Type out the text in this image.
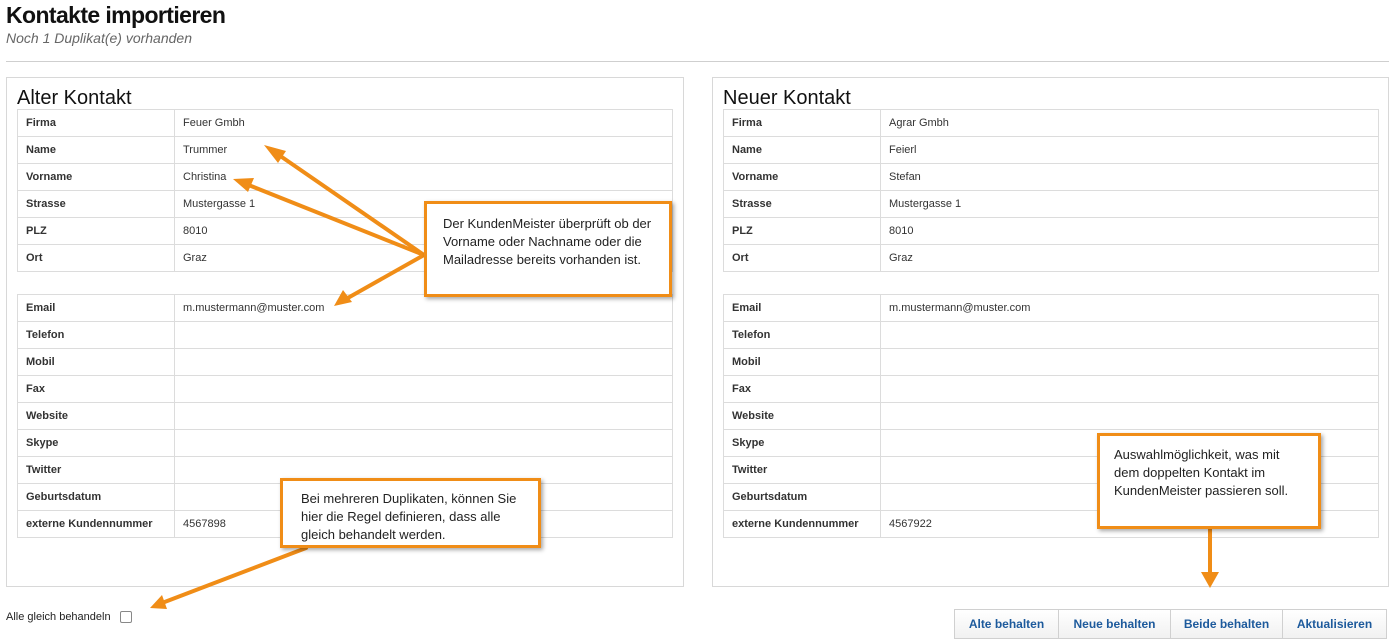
Kontakte importieren

Noch 1 Duplikat(e) vorhanden

Alter Kontakt
Firma	Feuer Gmbh
Name	Trummer
Vorname	Christina
Strasse	Mustergasse 1
PLZ	8010
Ort	Graz
Email	m.mustermann@muster.com
Telefon	
Mobil	
Fax	
Website	
Skype	
Twitter	
Geburtsdatum	
externe Kundennummer	4567898
Neuer Kontakt
Firma	Agrar Gmbh
Name	Feierl
Vorname	Stefan
Strasse	Mustergasse 1
PLZ	8010
Ort	Graz
Email	m.mustermann@muster.com
Telefon	
Mobil	
Fax	
Website	
Skype	
Twitter	
Geburtsdatum	
externe Kundennummer	4567922
Der KundenMeister überprüft ob der Vorname oder Nachname oder die Mailadresse bereits vorhanden ist.
Bei mehreren Duplikaten, können Sie hier die Regel definieren, dass alle gleich behandelt werden.
Auswahlmöglichkeit, was mit dem doppelten Kontakt im KundenMeister passieren soll.
Alle gleich behandeln	Alte behalten	Neue behalten	Beide behalten	Aktualisieren
